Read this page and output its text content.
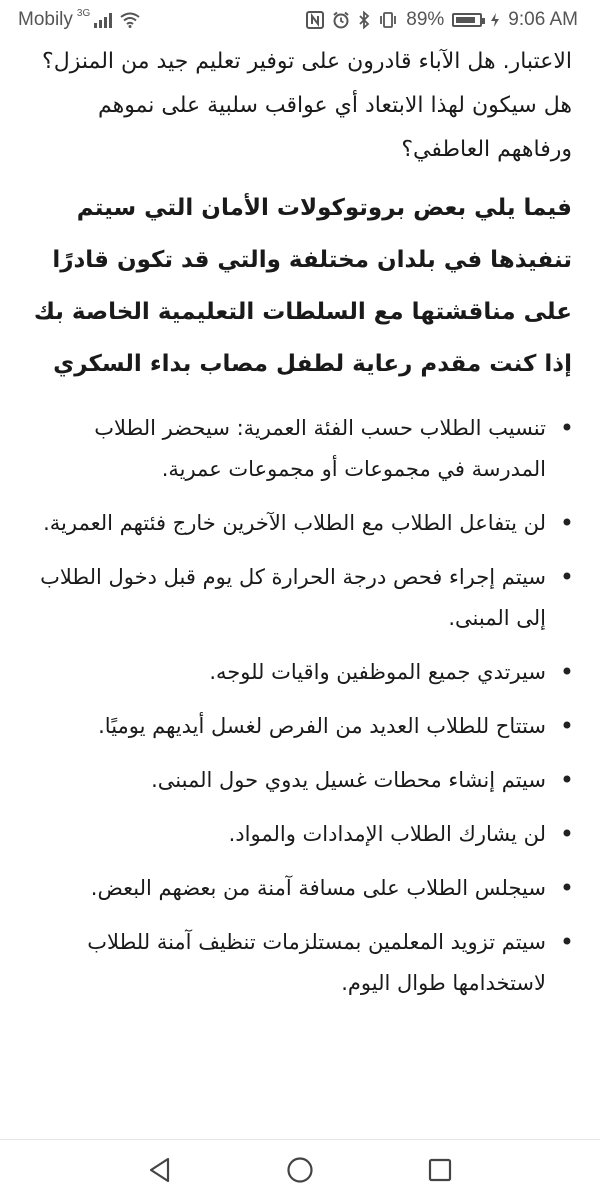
Mobily 3G	89%	9:06 AM

الاعتبار. هل الآباء قادرون على توفير تعليم جيد من المنزل؟

هل سيكون لهذا الابتعاد أي عواقب سلبية على نموهم ورفاههم العاطفي؟

فيما يلي بعض بروتوكولات الأمان التي سيتم تنفيذها في بلدان مختلفة والتي قد تكون قادرًا على مناقشتها مع السلطات التعليمية الخاصة بك إذا كنت مقدم رعاية لطفل مصاب بداء السكري

• تنسيب الطلاب حسب الفئة العمرية: سيحضر الطلاب المدرسة في مجموعات أو مجموعات عمرية.
• لن يتفاعل الطلاب مع الطلاب الآخرين خارج فئتهم العمرية.
• سيتم إجراء فحص درجة الحرارة كل يوم قبل دخول الطلاب إلى المبنى.
• سيرتدي جميع الموظفين واقيات للوجه.
• ستتاح للطلاب العديد من الفرص لغسل أيديهم يوميًا.
• سيتم إنشاء محطات غسيل يدوي حول المبنى.
• لن يشارك الطلاب الإمدادات والمواد.
• سيجلس الطلاب على مسافة آمنة من بعضهم البعض.
• سيتم تزويد المعلمين بمستلزمات تنظيف آمنة للطلاب لاستخدامها طوال اليوم.
